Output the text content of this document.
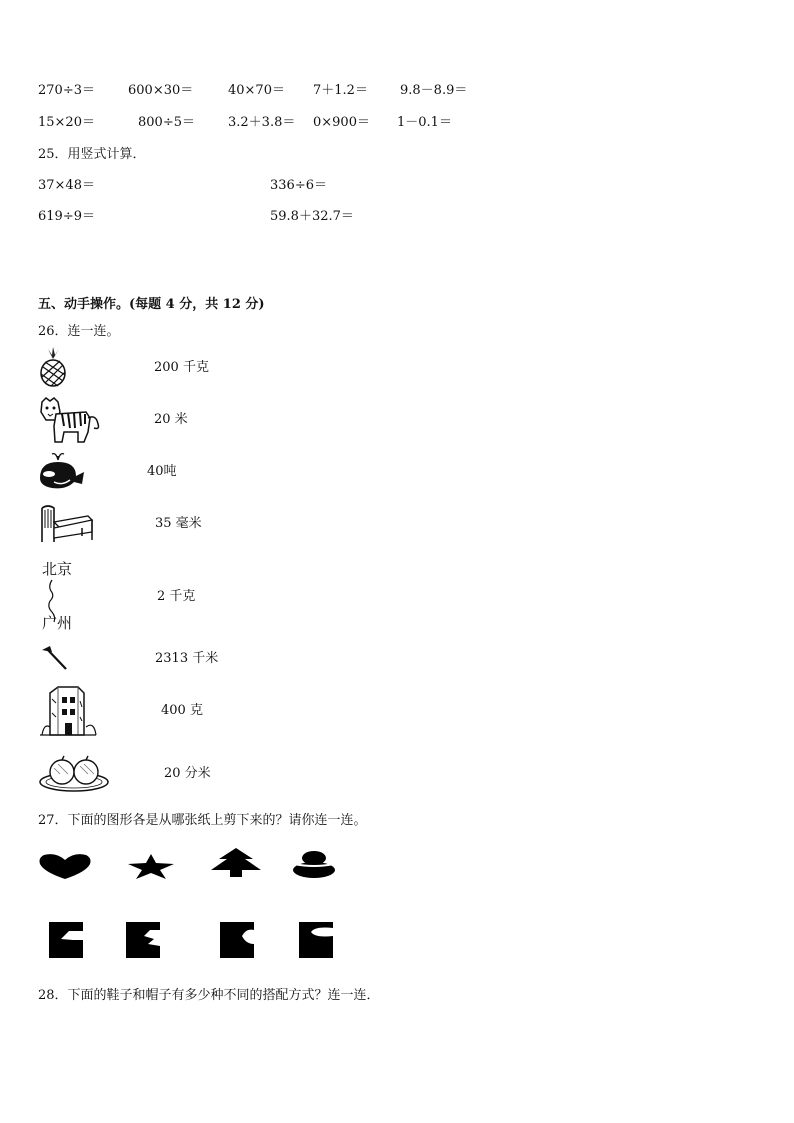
270÷3＝	600×30＝	40×70＝ 7＋1.2＝ 9.8－8.9＝
15×20＝	800÷5＝	3.2＋3.8＝ 0×900＝ 1－0.1＝
25．用竖式计算．
37×48＝	336÷6＝
619÷9＝	59.8＋32.7＝
五、动手操作。(每题 4 分，共 12 分)
26．连一连。
200 千克
20 米
40吨
35 毫米
北京
广州
2 千克
2313 千米
400 克
20 分米
27．下面的图形各是从哪张纸上剪下来的？请你连一连。
28．下面的鞋子和帽子有多少种不同的搭配方式？连一连．
